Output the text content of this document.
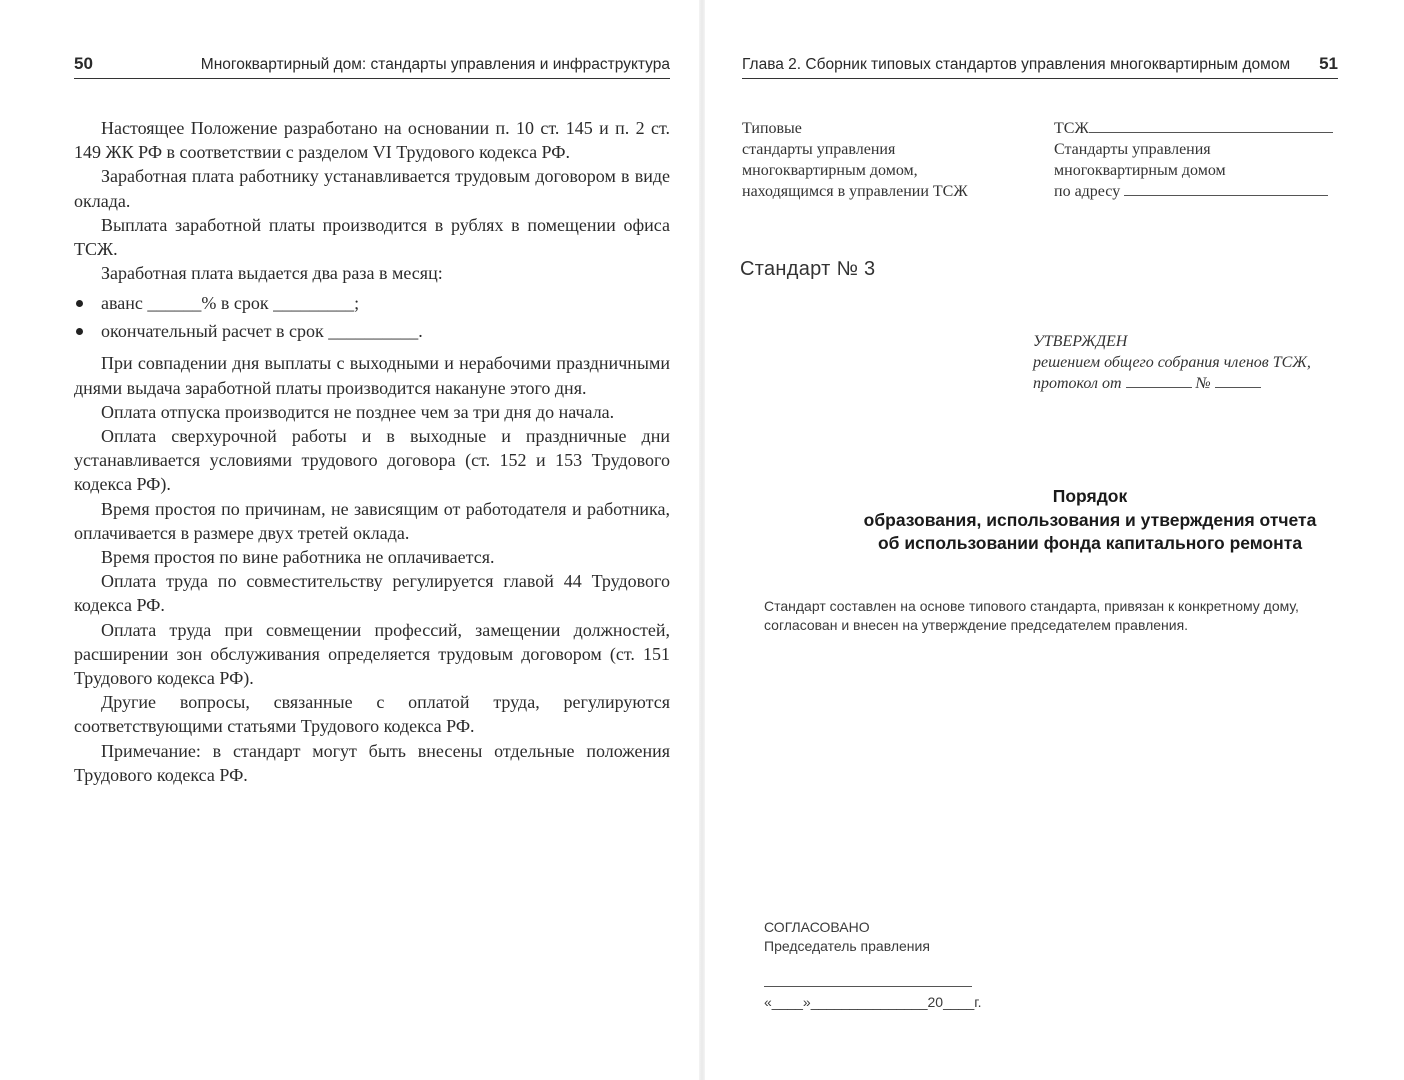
50	Многоквартирный дом: стандарты управления и инфраструктура

Настоящее Положение разработано на основании п. 10 ст. 145 и п. 2 ст. 149 ЖК РФ в соответствии с разделом VI Трудового кодекса РФ.

Заработная плата работнику устанавливается трудовым договором в виде оклада.

Выплата заработной платы производится в рублях в помещении офиса ТСЖ.

Заработная плата выдается два раза в месяц:

аванс ______% в срок _________;
окончательный расчет в срок __________.

При совпадении дня выплаты с выходными и нерабочими праздничными днями выдача заработной платы производится накануне этого дня.

Оплата отпуска производится не позднее чем за три дня до начала.

Оплата сверхурочной работы и в выходные и праздничные дни устанавливается условиями трудового договора (ст. 152 и 153 Трудового кодекса РФ).

Время простоя по причинам, не зависящим от работодателя и работника, оплачивается в размере двух третей оклада.

Время простоя по вине работника не оплачивается.

Оплата труда по совместительству регулируется главой 44 Трудового кодекса РФ.

Оплата труда при совмещении профессий, замещении должностей, расширении зон обслуживания определяется трудовым договором (ст. 151 Трудового кодекса РФ).

Другие вопросы, связанные с оплатой труда, регулируются соответствующими статьями Трудового кодекса РФ.

Примечание: в стандарт могут быть внесены отдельные положения Трудового кодекса РФ.

Глава 2. Сборник типовых стандартов управления многоквартирным домом 51
Типовые
стандарты управления
многоквартирным домом,
находящимся в управлении ТСЖ
ТСЖ
Стандарты управления
многоквартирным домом
по адресу
Стандарт № 3
УТВЕРЖДЕН
решением общего собрания членов ТСЖ,
протокол от	№
Порядок
образования, использования и утверждения отчета
об использовании фонда капитального ремонта
Стандарт составлен на основе типового стандарта, привязан к конкретному дому, согласован и внесен на утверждение председателем правления.
СОГЛАСОВАНО
Председатель правления
«____»_______________20____г.
